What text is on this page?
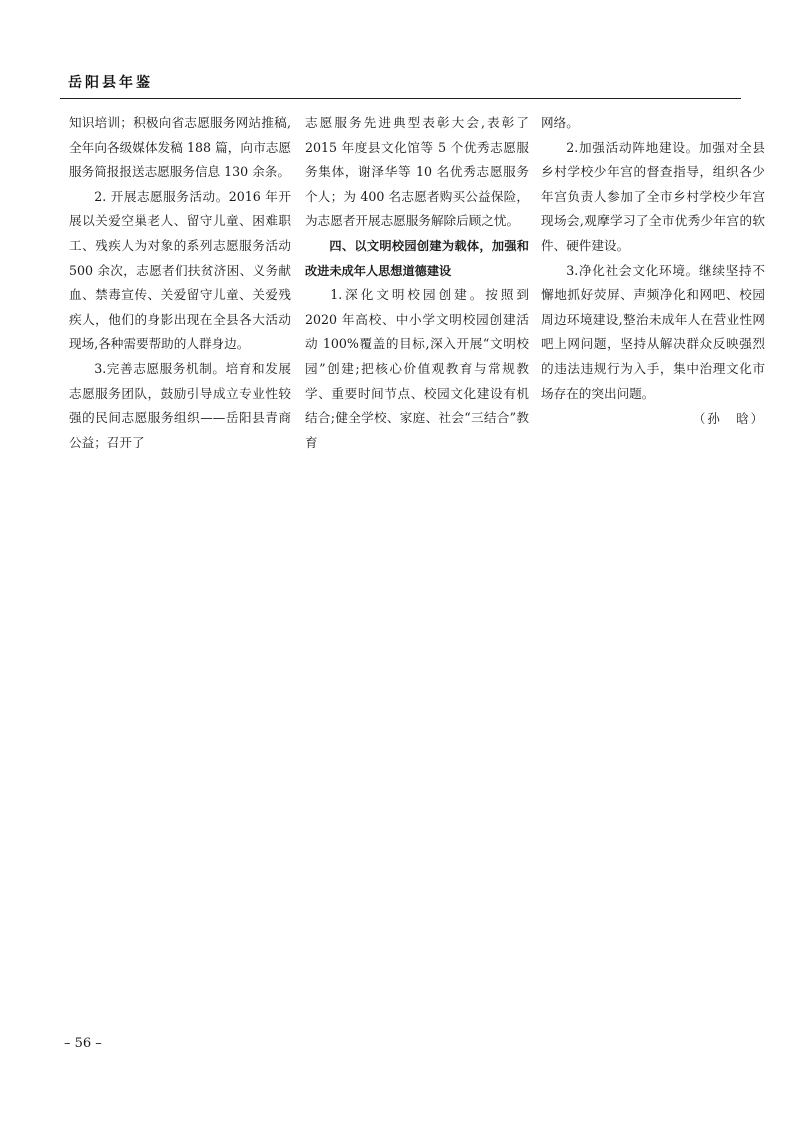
岳阳县年鉴

知识培训；积极向省志愿服务网站推稿,全年向各级媒体发稿 188 篇，向市志愿服务简报报送志愿服务信息 130 余条。

2. 开展志愿服务活动。2016 年开展以关爱空巢老人、留守儿童、困难职工、残疾人为对象的系列志愿服务活动 500 余次，志愿者们扶贫济困、义务献血、禁毒宣传、关爱留守儿童、关爱残疾人，他们的身影出现在全县各大活动现场,各种需要帮助的人群身边。

3.完善志愿服务机制。培育和发展志愿服务团队，鼓励引导成立专业性较强的民间志愿服务组织——岳阳县青商公益；召开了

志愿服务先进典型表彰大会,表彰了 2015 年度县文化馆等 5 个优秀志愿服务集体，谢泽华等 10 名优秀志愿服务个人；为 400 名志愿者购买公益保险，为志愿者开展志愿服务解除后顾之忧。

四、以文明校园创建为载体，加强和改进未成年人思想道德建设

1.深化文明校园创建。按照到 2020 年高校、中小学文明校园创建活动 100%覆盖的目标,深入开展“文明校园”创建;把核心价值观教育与常规教学、重要时间节点、校园文化建设有机结合;健全学校、家庭、社会“三结合”教育

网络。

2.加强活动阵地建设。加强对全县乡村学校少年宫的督查指导，组织各少年宫负责人参加了全市乡村学校少年宫现场会,观摩学习了全市优秀少年宫的软件、硬件建设。

3.净化社会文化环境。继续坚持不懈地抓好荧屏、声频净化和网吧、校园周边环境建设,整治未成年人在营业性网吧上网问题，坚持从解决群众反映强烈的违法违规行为入手，集中治理文化市场存在的突出问题。

（孙　晗）

– 56 –
